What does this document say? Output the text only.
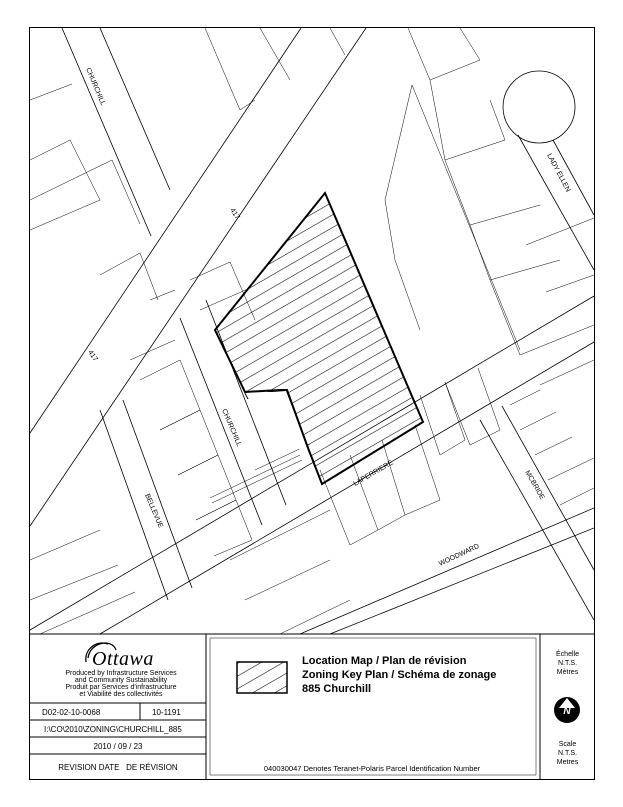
CHURCHILL
CHURCHILL
417
417
LADY ELLEN
LAPERRIERE
BELLEVUE
MCBRIDE
WOODWARD
Ottawa
Produced by Infrastructure Services
and Community Sustainability
Produit par Services d'infrastructure
et Viabilité des collectivités
D02-02-10-0068	10-1191
I:\CO\2010\ZONING\CHURCHILL_885
2010 / 09 / 23
REVISION DATE   DE RÉVISION
Location Map / Plan de révision
Zoning Key Plan / Schéma de zonage
885 Churchill
040030047 Denotes Teranet-Polaris Parcel Identification Number
Échelle
N.T.S.
Mètres
N
Scale
N.T.S.
Metres
